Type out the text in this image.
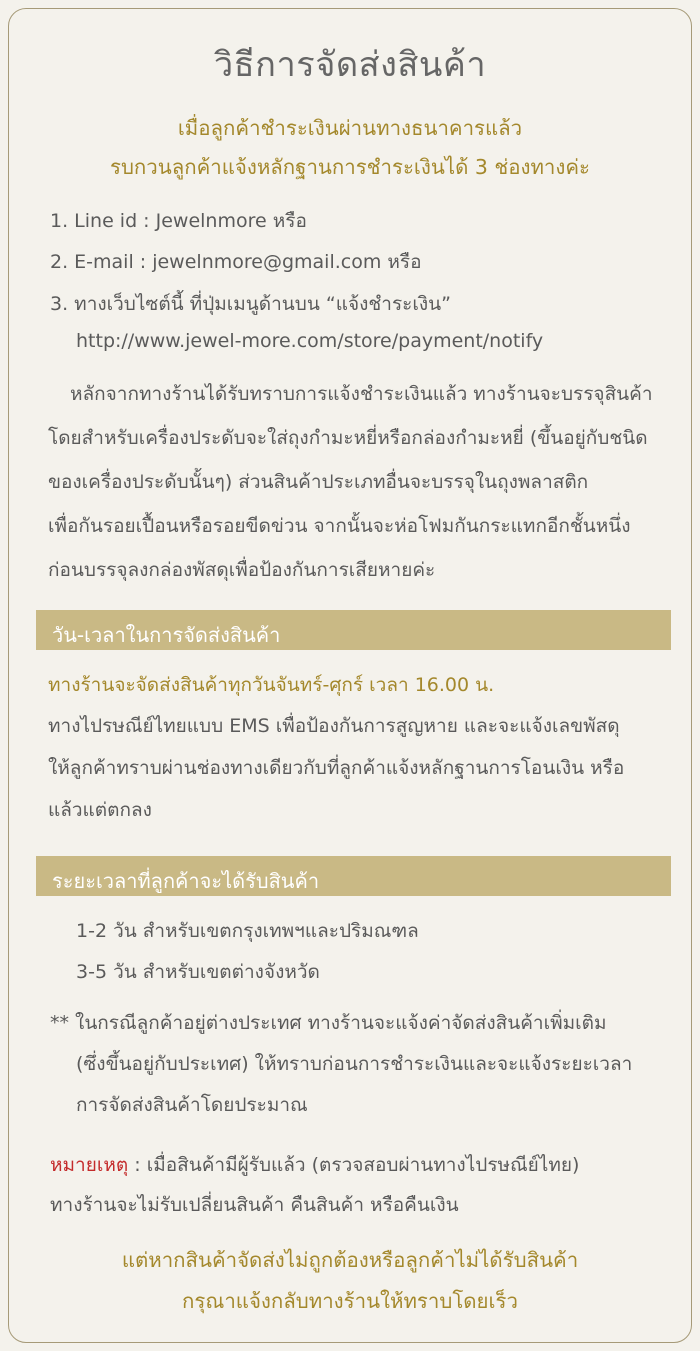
วิธีการจัดส่งสินค้า
เมื่อลูกค้าชำระเงินผ่านทางธนาคารแล้ว
รบกวนลูกค้าแจ้งหลักฐานการชำระเงินได้ 3 ช่องทางค่ะ
1. Line id : Jewelnmore หรือ
2. E-mail : jewelnmore@gmail.com หรือ
3. ทางเว็บไซต์นี้ ที่ปุ่มเมนูด้านบน “แจ้งชำระเงิน”
http://www.jewel-more.com/store/payment/notify
หลักจากทางร้านได้รับทราบการแจ้งชำระเงินแล้ว ทางร้านจะบรรจุสินค้า
โดยสำหรับเครื่องประดับจะใส่ถุงกำมะหยี่หรือกล่องกำมะหยี่ (ขึ้นอยู่กับชนิด
ของเครื่องประดับนั้นๆ) ส่วนสินค้าประเภทอื่นจะบรรจุในถุงพลาสติก
เพื่อกันรอยเปื้อนหรือรอยขีดข่วน จากนั้นจะห่อโฟมกันกระแทกอีกชั้นหนึ่ง
ก่อนบรรจุลงกล่องพัสดุเพื่อป้องกันการเสียหายค่ะ
วัน-เวลาในการจัดส่งสินค้า
ทางร้านจะจัดส่งสินค้าทุกวันจันทร์-ศุกร์ เวลา 16.00 น.
ทางไปรษณีย์ไทยแบบ EMS เพื่อป้องกันการสูญหาย และจะแจ้งเลขพัสดุ
ให้ลูกค้าทราบผ่านช่องทางเดียวกับที่ลูกค้าแจ้งหลักฐานการโอนเงิน หรือ
แล้วแต่ตกลง
ระยะเวลาที่ลูกค้าจะได้รับสินค้า
1-2 วัน สำหรับเขตกรุงเทพฯและปริมณฑล
3-5 วัน สำหรับเขตต่างจังหวัด
** ในกรณีลูกค้าอยู่ต่างประเทศ ทางร้านจะแจ้งค่าจัดส่งสินค้าเพิ่มเติม
(ซึ่งขึ้นอยู่กับประเทศ) ให้ทราบก่อนการชำระเงินและจะแจ้งระยะเวลา
การจัดส่งสินค้าโดยประมาณ
หมายเหตุ : เมื่อสินค้ามีผู้รับแล้ว (ตรวจสอบผ่านทางไปรษณีย์ไทย)
ทางร้านจะไม่รับเปลี่ยนสินค้า คืนสินค้า หรือคืนเงิน
แต่หากสินค้าจัดส่งไม่ถูกต้องหรือลูกค้าไม่ได้รับสินค้า
กรุณาแจ้งกลับทางร้านให้ทราบโดยเร็ว
